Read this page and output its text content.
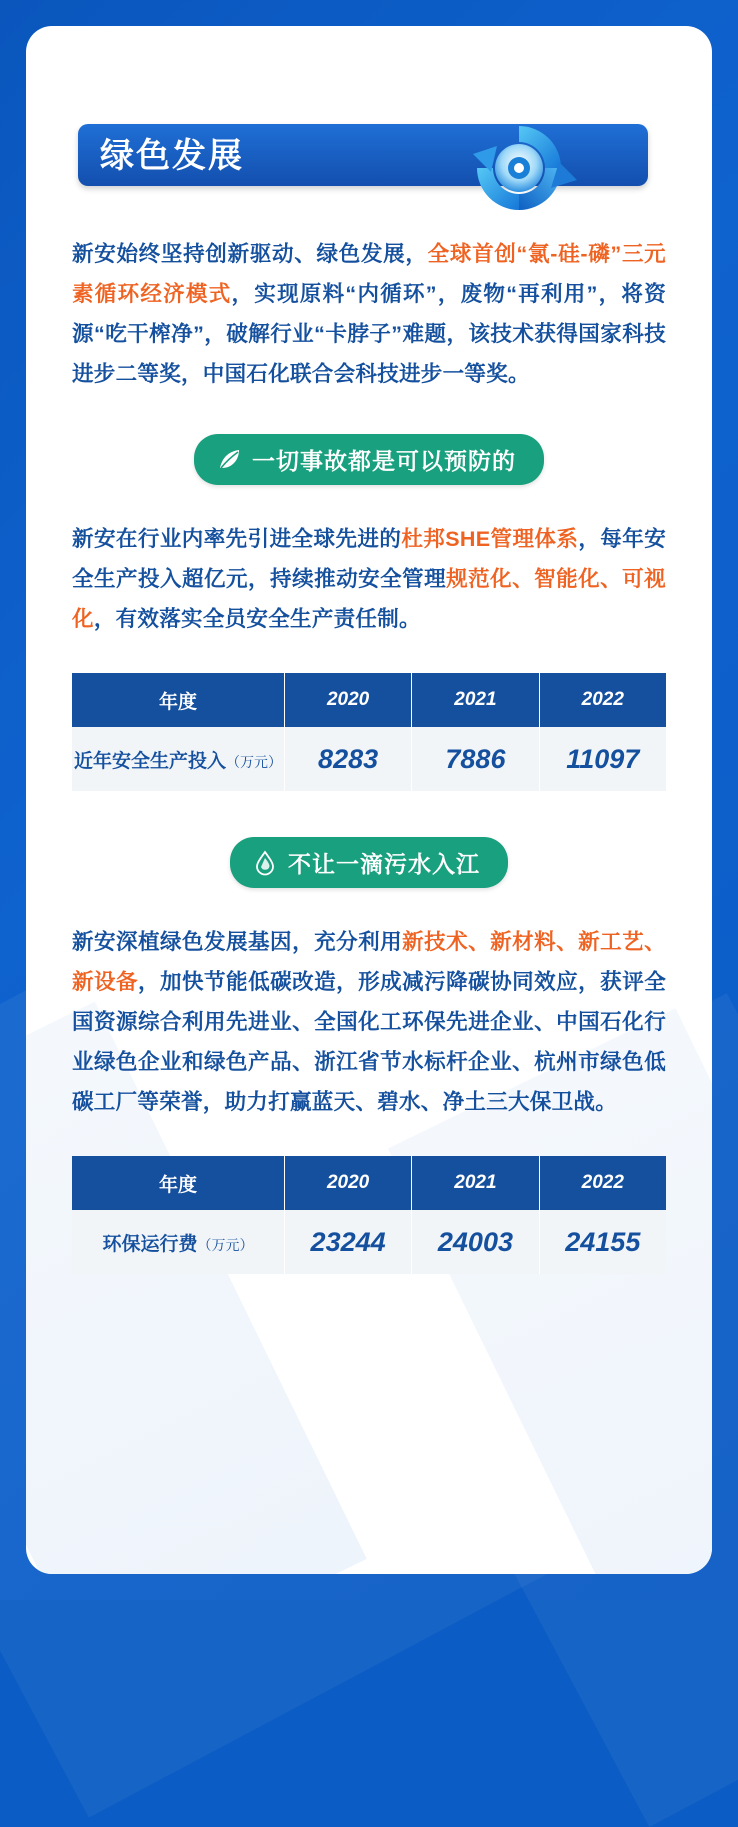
绿色发展
新安始终坚持创新驱动、绿色发展，全球首创“氯-硅-磷”三元素循环经济模式，实现原料“内循环”，废物“再利用”，将资源“吃干榨净”，破解行业“卡脖子”难题，该技术获得国家科技进步二等奖，中国石化联合会科技进步一等奖。
一切事故都是可以预防的
新安在行业内率先引进全球先进的杜邦SHE管理体系，每年安全生产投入超亿元，持续推动安全管理规范化、智能化、可视化，有效落实全员安全生产责任制。
年度	2020	2021	2022
近年安全生产投入（万元）	8283	7886	11097
不让一滴污水入江
新安深植绿色发展基因，充分利用新技术、新材料、新工艺、新设备，加快节能低碳改造，形成减污降碳协同效应，获评全国资源综合利用先进业、全国化工环保先进企业、中国石化行业绿色企业和绿色产品、浙江省节水标杆企业、杭州市绿色低碳工厂等荣誉，助力打赢蓝天、碧水、净土三大保卫战。
年度	2020	2021	2022
环保运行费（万元）	23244	24003	24155
